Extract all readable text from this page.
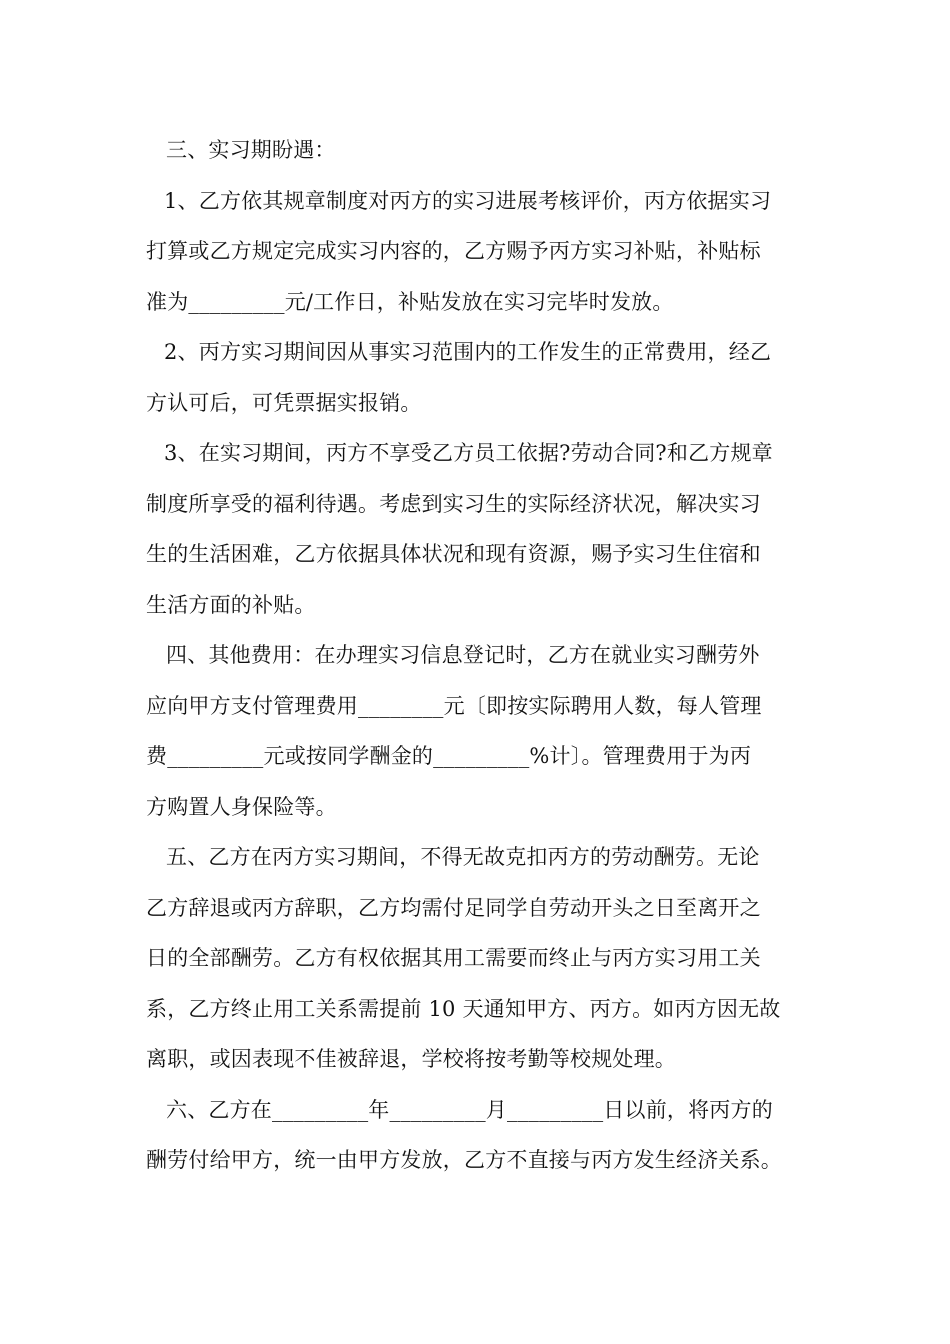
三、实习期盼遇：
1、乙方依其规章制度对丙方的实习进展考核评价，丙方依据实习
打算或乙方规定完成实习内容的，乙方赐予丙方实习补贴，补贴标
准为_________元/工作日，补贴发放在实习完毕时发放。
2、丙方实习期间因从事实习范围内的工作发生的正常费用，经乙
方认可后，可凭票据实报销。
3、在实习期间，丙方不享受乙方员工依据?劳动合同?和乙方规章
制度所享受的福利待遇。考虑到实习生的实际经济状况，解决实习
生的生活困难，乙方依据具体状况和现有资源，赐予实习生住宿和
生活方面的补贴。
四、其他费用：在办理实习信息登记时，乙方在就业实习酬劳外
应向甲方支付管理费用________元〔即按实际聘用人数，每人管理
费_________元或按同学酬金的_________%计〕。管理费用于为丙
方购置人身保险等。
五、乙方在丙方实习期间，不得无故克扣丙方的劳动酬劳。无论
乙方辞退或丙方辞职，乙方均需付足同学自劳动开头之日至离开之
日的全部酬劳。乙方有权依据其用工需要而终止与丙方实习用工关
系，乙方终止用工关系需提前 10 天通知甲方、丙方。如丙方因无故
离职，或因表现不佳被辞退，学校将按考勤等校规处理。
六、乙方在_________年_________月_________日以前，将丙方的
酬劳付给甲方，统一由甲方发放，乙方不直接与丙方发生经济关系。
